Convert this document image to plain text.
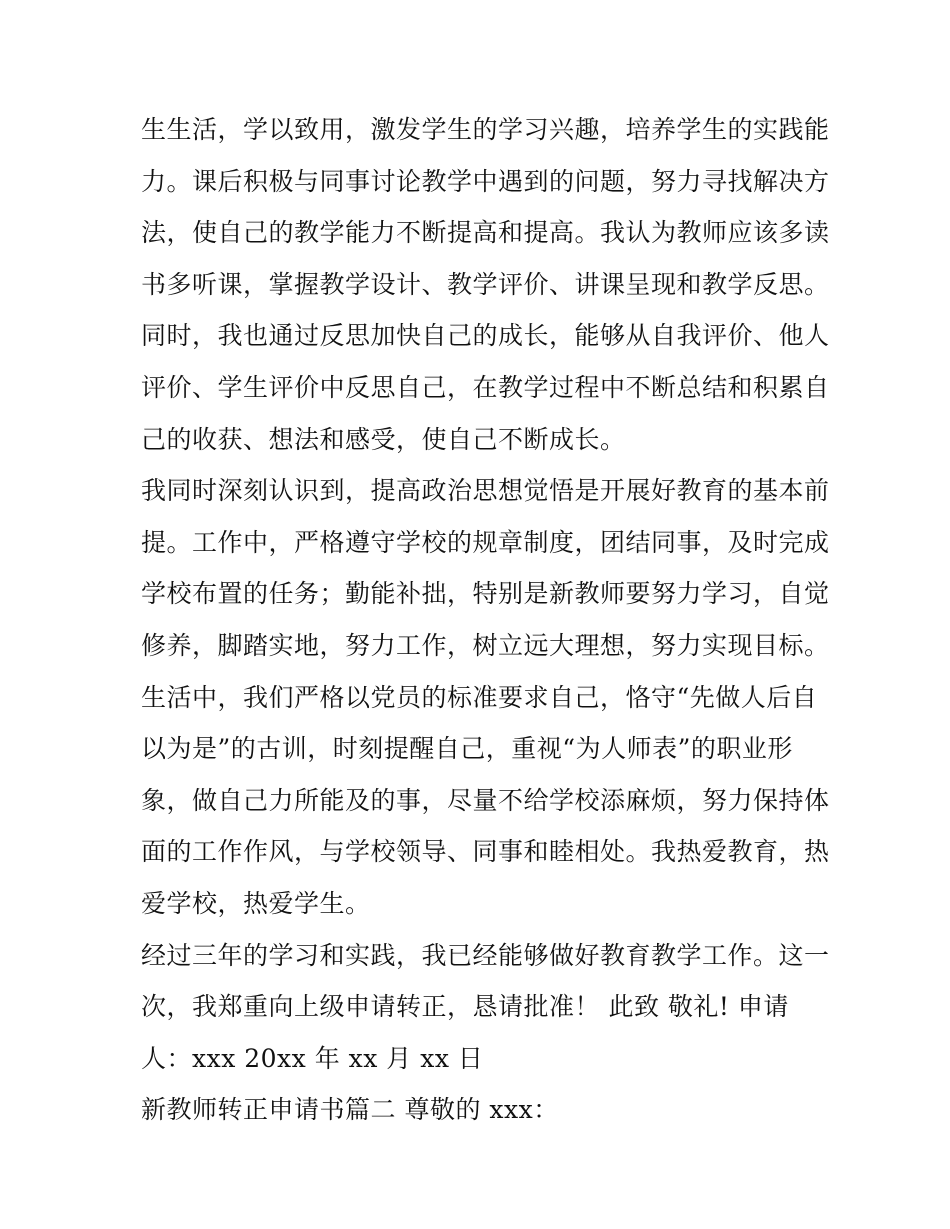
生生活，学以致用，激发学生的学习兴趣，培养学生的实践能
力。课后积极与同事讨论教学中遇到的问题，努力寻找解决方
法，使自己的教学能力不断提高和提高。我认为教师应该多读
书多听课，掌握教学设计、教学评价、讲课呈现和教学反思。
同时，我也通过反思加快自己的成长，能够从自我评价、他人
评价、学生评价中反思自己，在教学过程中不断总结和积累自
己的收获、想法和感受，使自己不断成长。
我同时深刻认识到，提高政治思想觉悟是开展好教育的基本前
提。工作中，严格遵守学校的规章制度，团结同事，及时完成
学校布置的任务；勤能补拙，特别是新教师要努力学习，自觉
修养，脚踏实地，努力工作，树立远大理想，努力实现目标。
生活中，我们严格以党员的标准要求自己，恪守“先做人后自
以为是”的古训，时刻提醒自己，重视“为人师表”的职业形
象，做自己力所能及的事，尽量不给学校添麻烦，努力保持体
面的工作作风，与学校领导、同事和睦相处。我热爱教育，热
爱学校，热爱学生。
经过三年的学习和实践，我已经能够做好教育教学工作。这一
次，我郑重向上级申请转正，恳请批准！ 此致 敬礼! 申请
人：xxx 20xx 年 xx 月 xx 日
新教师转正申请书篇二 尊敬的 xxx：
